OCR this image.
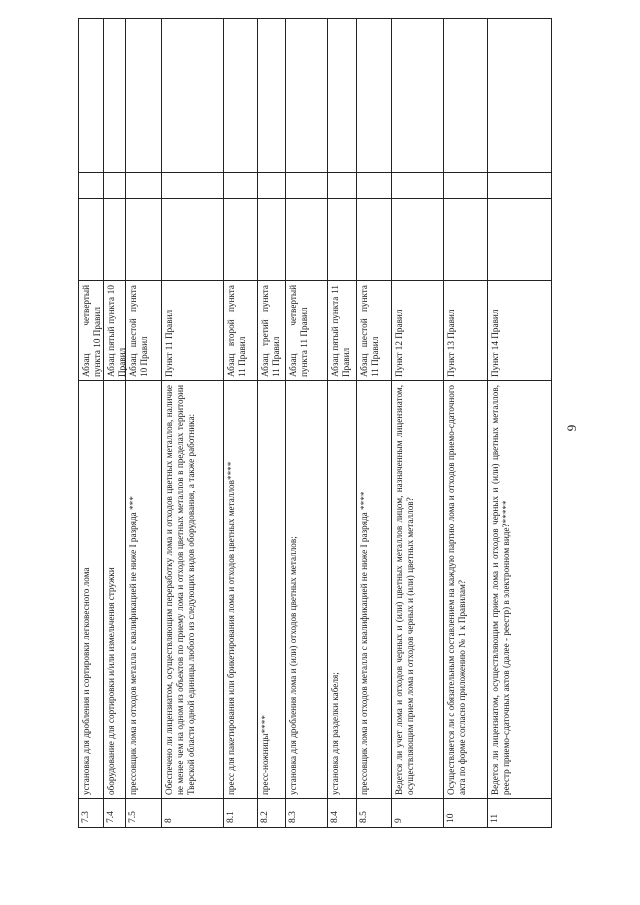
9
Абзац четвертый пункта 10 Правил
установка для дробления и сортировки легковесного лома
7.3
Абзац пятый пункта 10 Правил
оборудование для сортировки и/или измельчения стружки
7.4
Абзац шестой пункта 10 Правил
прессовщик лома и отходов металла с квалификацией не ниже I разряда ***
7.5
Пункт 11 Правил
Обеспечено ли лицензиатом, осуществляющим переработку лома и отходов цветных металлов, наличие не менее чем на одном из объектов по приему лома и отходов цветных металлов в пределах территории Тверской области одной единицы любого из следующих видов оборудования, а также работника:
8
Абзац второй пункта 11 Правил
пресс для пакетирования или брикетирования лома и отходов цветных металлов****
8.1
Абзац третий пункта 11 Правил
пресс-ножницы****
8.2
Абзац четвертый пункта 11 Правил
установка для дробления лома и (или) отходов цветных металлов;
8.3
Абзац пятый пункта 11 Правил
установка для разделки кабеля;
8.4
Абзац шестой пункта 11 Правил
прессовщик лома и отходов металла с квалификацией не ниже I разряда ****
8.5
Пункт 12 Правил
Ведется ли учет лома и отходов черных и (или) цветных металлов лицом, назначенным лицензиатом, осуществляющим прием лома и отходов черных и (или) цветных металлов?
9
Пункт 13 Правил
Осуществляется ли с обязательным составлением на каждую партию лома и отходов приемо-сдаточного акта по форме согласно приложению № 1 к Правилам?
10
Пункт 14 Правил
Ведется ли лицензиатом, осуществляющим прием лома и отходов черных и (или) цветных металлов, реестр приемо-сдаточных актов (далее - реестр) в электронном виде?*****
11
